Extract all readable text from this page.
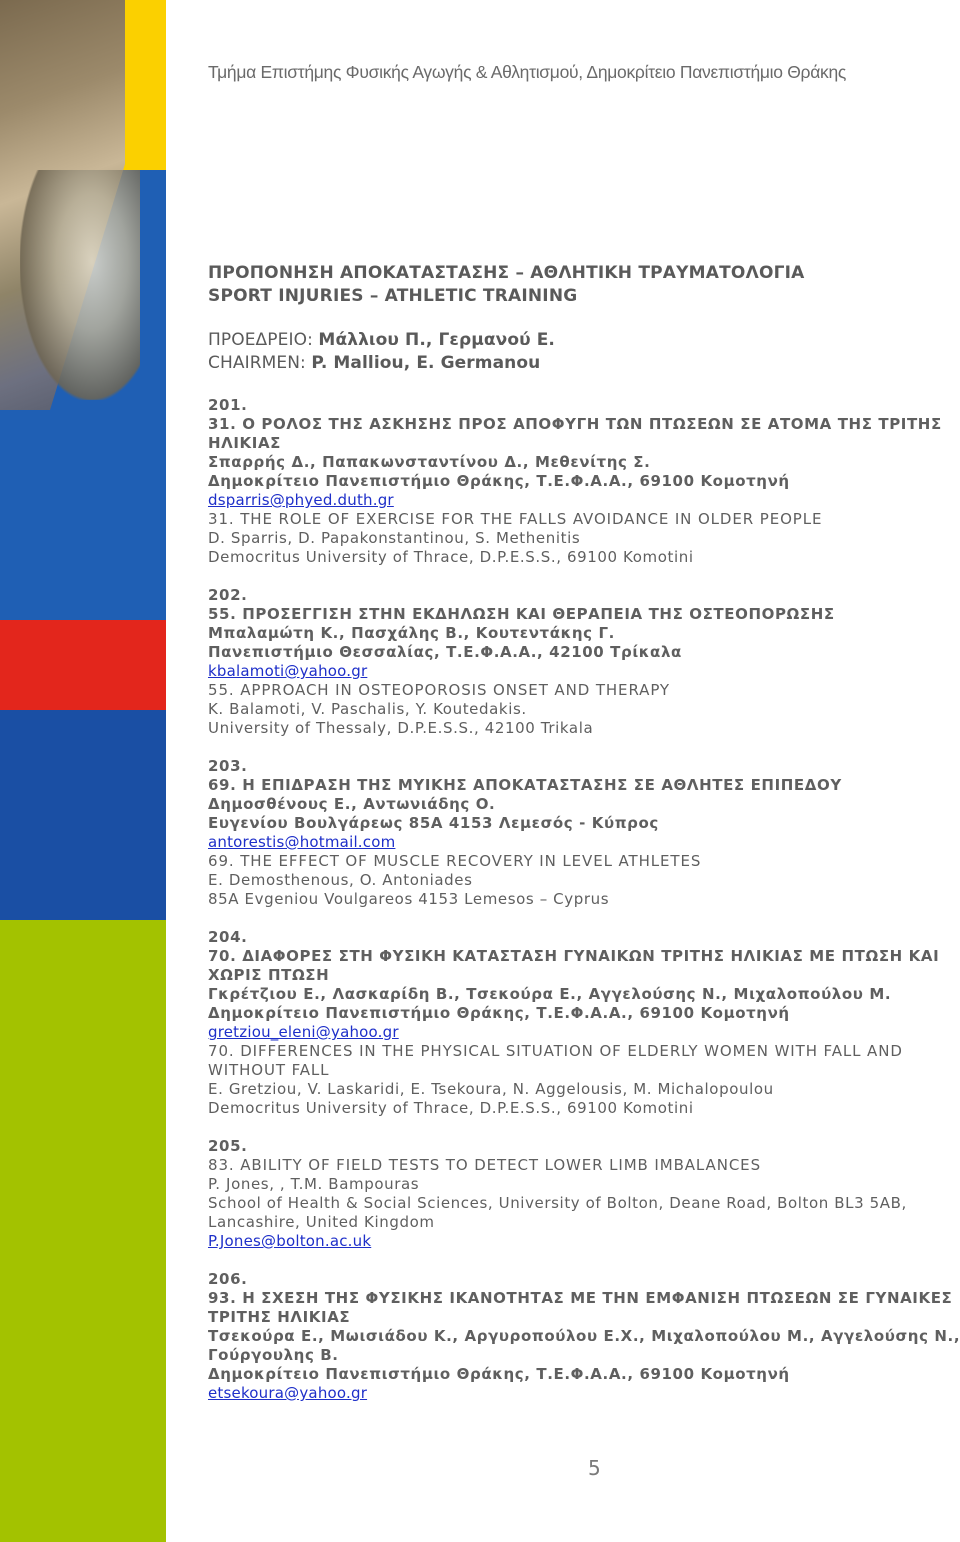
Τμήμα Επιστήμης Φυσικής Αγωγής & Αθλητισμού, Δημοκρίτειο Πανεπιστήμιο Θράκης
ΠΡΟΠΟΝΗΣΗ ΑΠΟΚΑΤΑΣΤΑΣΗΣ – ΑΘΛΗΤΙΚΗ ΤΡΑΥΜΑΤΟΛΟΓΙΑ
SPORT INJURIES – ATHLETIC TRAINING
ΠΡΟΕΔΡΕΙΟ: Μάλλιου Π., Γερμανού Ε.
CHAIRMEN: P. Malliou, E. Germanou
201.
31. Ο ΡΟΛΟΣ ΤΗΣ ΑΣΚΗΣΗΣ ΠΡΟΣ ΑΠΟΦΥΓΗ ΤΩΝ ΠΤΩΣΕΩΝ ΣΕ ΑΤΟΜΑ ΤΗΣ ΤΡΙΤΗΣ
ΗΛΙΚΙΑΣ
Σπαρρής Δ., Παπακωνσταντίνου Δ., Μεθενίτης Σ.
Δημοκρίτειο Πανεπιστήμιο Θράκης, Τ.Ε.Φ.Α.Α., 69100 Κομοτηνή
dsparris@phyed.duth.gr
31. THE ROLE OF EXERCISE FOR THE FALLS AVOIDANCE IN OLDER PEOPLE
D. Sparris, D. Papakonstantinou, S. Methenitis
Democritus University of Thrace, D.P.E.S.S., 69100 Komotini
202.
55. ΠΡΟΣΕΓΓΙΣΗ ΣΤΗΝ ΕΚΔΗΛΩΣΗ ΚΑΙ ΘΕΡΑΠΕΙΑ ΤΗΣ ΟΣΤΕΟΠΟΡΩΣΗΣ
Μπαλαμώτη Κ., Πασχάλης Β., Κουτεντάκης Γ.
Πανεπιστήμιο Θεσσαλίας, Τ.Ε.Φ.Α.Α., 42100 Τρίκαλα
kbalamoti@yahoo.gr
55. APPROACH IN OSTEOPOROSIS ONSET AND THERAPY
K. Balamoti, V. Paschalis, Y. Koutedakis.
University of Thessaly, D.P.E.S.S., 42100 Trikala
203.
69. Η ΕΠΙΔΡΑΣΗ ΤΗΣ ΜΥΙΚΗΣ ΑΠΟΚΑΤΑΣΤΑΣΗΣ ΣΕ ΑΘΛΗΤΕΣ ΕΠΙΠΕΔΟΥ
Δημοσθένους Ε., Αντωνιάδης Ο.
Ευγενίου Βουλγάρεως 85Α 4153 Λεμεσός - Κύπρος
antorestis@hotmail.com
69. THE EFFECT OF MUSCLE RECOVERY IN LEVEL ATHLETES
E. Demosthenous, O. Antoniades
85A Evgeniou Voulgareos 4153 Lemesos – Cyprus
204.
70. ΔΙΑΦΟΡΕΣ ΣΤΗ ΦΥΣΙΚΗ ΚΑΤΑΣΤΑΣΗ ΓΥΝΑΙΚΩΝ ΤΡΙΤΗΣ ΗΛΙΚΙΑΣ ΜΕ ΠΤΩΣΗ ΚΑΙ
ΧΩΡΙΣ ΠΤΩΣΗ
Γκρέτζιου Ε., Λασκαρίδη Β., Τσεκούρα Ε., Αγγελούσης Ν., Μιχαλοπούλου Μ.
Δημοκρίτειο Πανεπιστήμιο Θράκης, Τ.Ε.Φ.Α.Α., 69100 Κομοτηνή
gretziou_eleni@yahoo.gr
70. DIFFERENCES IN THE PHYSICAL SITUATION OF ELDERLY WOMEN WITH FALL AND
WITHOUT FALL
E. Gretziou, V. Laskaridi, E. Tsekoura, N. Aggelousis, M. Michalopoulou
Democritus University of Thrace, D.P.E.S.S., 69100 Komotini
205.
83. ABILITY OF FIELD TESTS TO DETECT LOWER LIMB IMBALANCES
P. Jones, , T.M. Bampouras
School of Health & Social Sciences, University of Bolton, Deane Road, Bolton BL3 5AB,
Lancashire, United Kingdom
P.Jones@bolton.ac.uk
206.
93. Η ΣΧΕΣΗ ΤΗΣ ΦΥΣΙΚΗΣ ΙΚΑΝΟΤΗΤΑΣ ΜΕ ΤΗΝ ΕΜΦΑΝΙΣΗ ΠΤΩΣΕΩΝ ΣΕ ΓΥΝΑΙΚΕΣ
ΤΡΙΤΗΣ ΗΛΙΚΙΑΣ
Τσεκούρα Ε., Μωισιάδου Κ., Αργυροπούλου Ε.Χ., Μιχαλοπούλου Μ., Αγγελούσης Ν.,
Γούργουλης Β.
Δημοκρίτειο Πανεπιστήμιο Θράκης, Τ.Ε.Φ.Α.Α., 69100 Κομοτηνή
etsekoura@yahoo.gr
5
